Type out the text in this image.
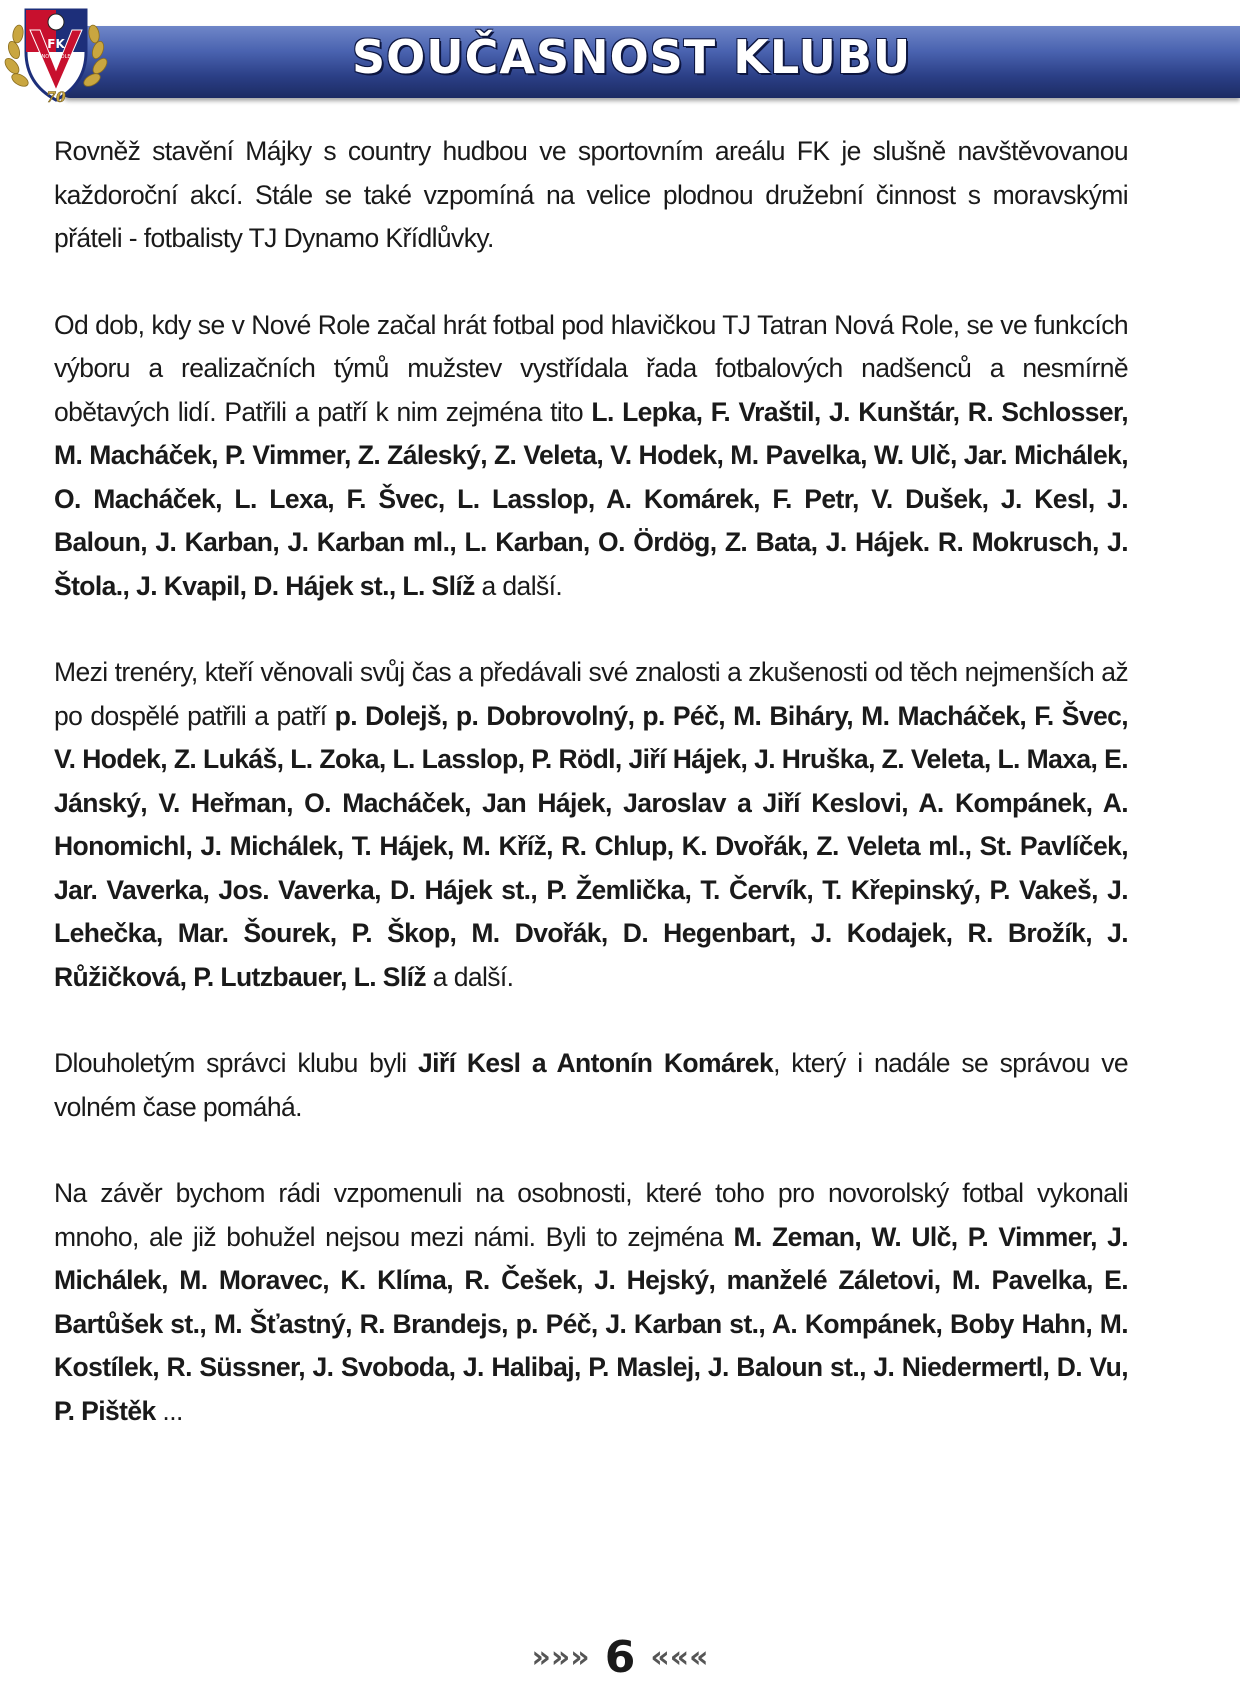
FK
NOVÁ ROLE
70
SOUČASNOST KLUBU

Rovněž stavění Májky s country hudbou ve sportovním areálu FK je slušně navštěvovanou každoroční akcí. Stále se také vzpomíná na velice plodnou družební činnost s moravskými přáteli - fotbalisty TJ Dynamo Křídlůvky.

Od dob, kdy se v Nové Role začal hrát fotbal pod hlavičkou TJ Tatran Nová Role, se ve funkcích výboru a realizačních týmů mužstev vystřídala řada fotbalových nadšenců a nesmírně obětavých lidí. Patřili a patří k nim zejména tito L. Lepka, F. Vraštil, J. Kunštár, R. Schlosser, M. Macháček, P. Vimmer, Z. Záleský, Z. Veleta, V. Hodek, M. Pavelka, W. Ulč, Jar. Michálek, O. Macháček, L. Lexa, F. Švec, L. Lasslop, A. Komárek, F. Petr, V. Dušek, J. Kesl, J. Baloun, J. Karban, J. Karban ml., L. Karban, O. Ördög, Z. Bata, J. Hájek. R. Mokrusch, J. Štola., J. Kvapil, D. Hájek st., L. Slíž a další.

Mezi trenéry, kteří věnovali svůj čas a předávali své znalosti a zkušenosti od těch nejmenších až po dospělé patřili a patří p. Dolejš, p. Dobrovolný, p. Péč, M. Biháry, M. Macháček, F. Švec, V. Hodek, Z. Lukáš, L. Zoka, L. Lasslop, P. Rödl, Jiří Hájek, J. Hruška, Z. Veleta, L. Maxa, E. Jánský, V. Heřman, O. Macháček, Jan Hájek, Jaroslav a Jiří Keslovi, A. Kompánek, A. Honomichl, J. Michálek, T. Hájek, M. Kříž, R. Chlup, K. Dvořák, Z. Veleta ml., St. Pavlíček, Jar. Vaverka, Jos. Vaverka, D. Hájek st., P. Žemlička, T. Červík, T. Křepinský, P. Vakeš, J. Lehečka, Mar. Šourek, P. Škop, M. Dvořák, D. Hegenbart, J. Kodajek, R. Brožík, J. Růžičková, P. Lutzbauer, L. Slíž a další.

Dlouholetým správci klubu byli Jiří Kesl a Antonín Komárek, který i nadále se správou ve volném čase pomáhá.

Na závěr bychom rádi vzpomenuli na osobnosti, které toho pro novorolský fotbal vykonali mnoho, ale již bohužel nejsou mezi námi. Byli to zejména M. Zeman, W. Ulč, P. Vimmer, J. Michálek, M. Moravec, K. Klíma, R. Češek, J. Hejský, manželé Záletovi, M. Pavelka, E. Bartůšek st., M. Šťastný, R. Brandejs, p. Péč, J. Karban st., A. Kompánek, Boby Hahn, M. Kostílek, R. Süssner, J. Svoboda, J. Halibaj, P. Maslej, J. Baloun st., J. Niedermertl, D. Vu, P. Pištěk ...

»»» 6 «««
